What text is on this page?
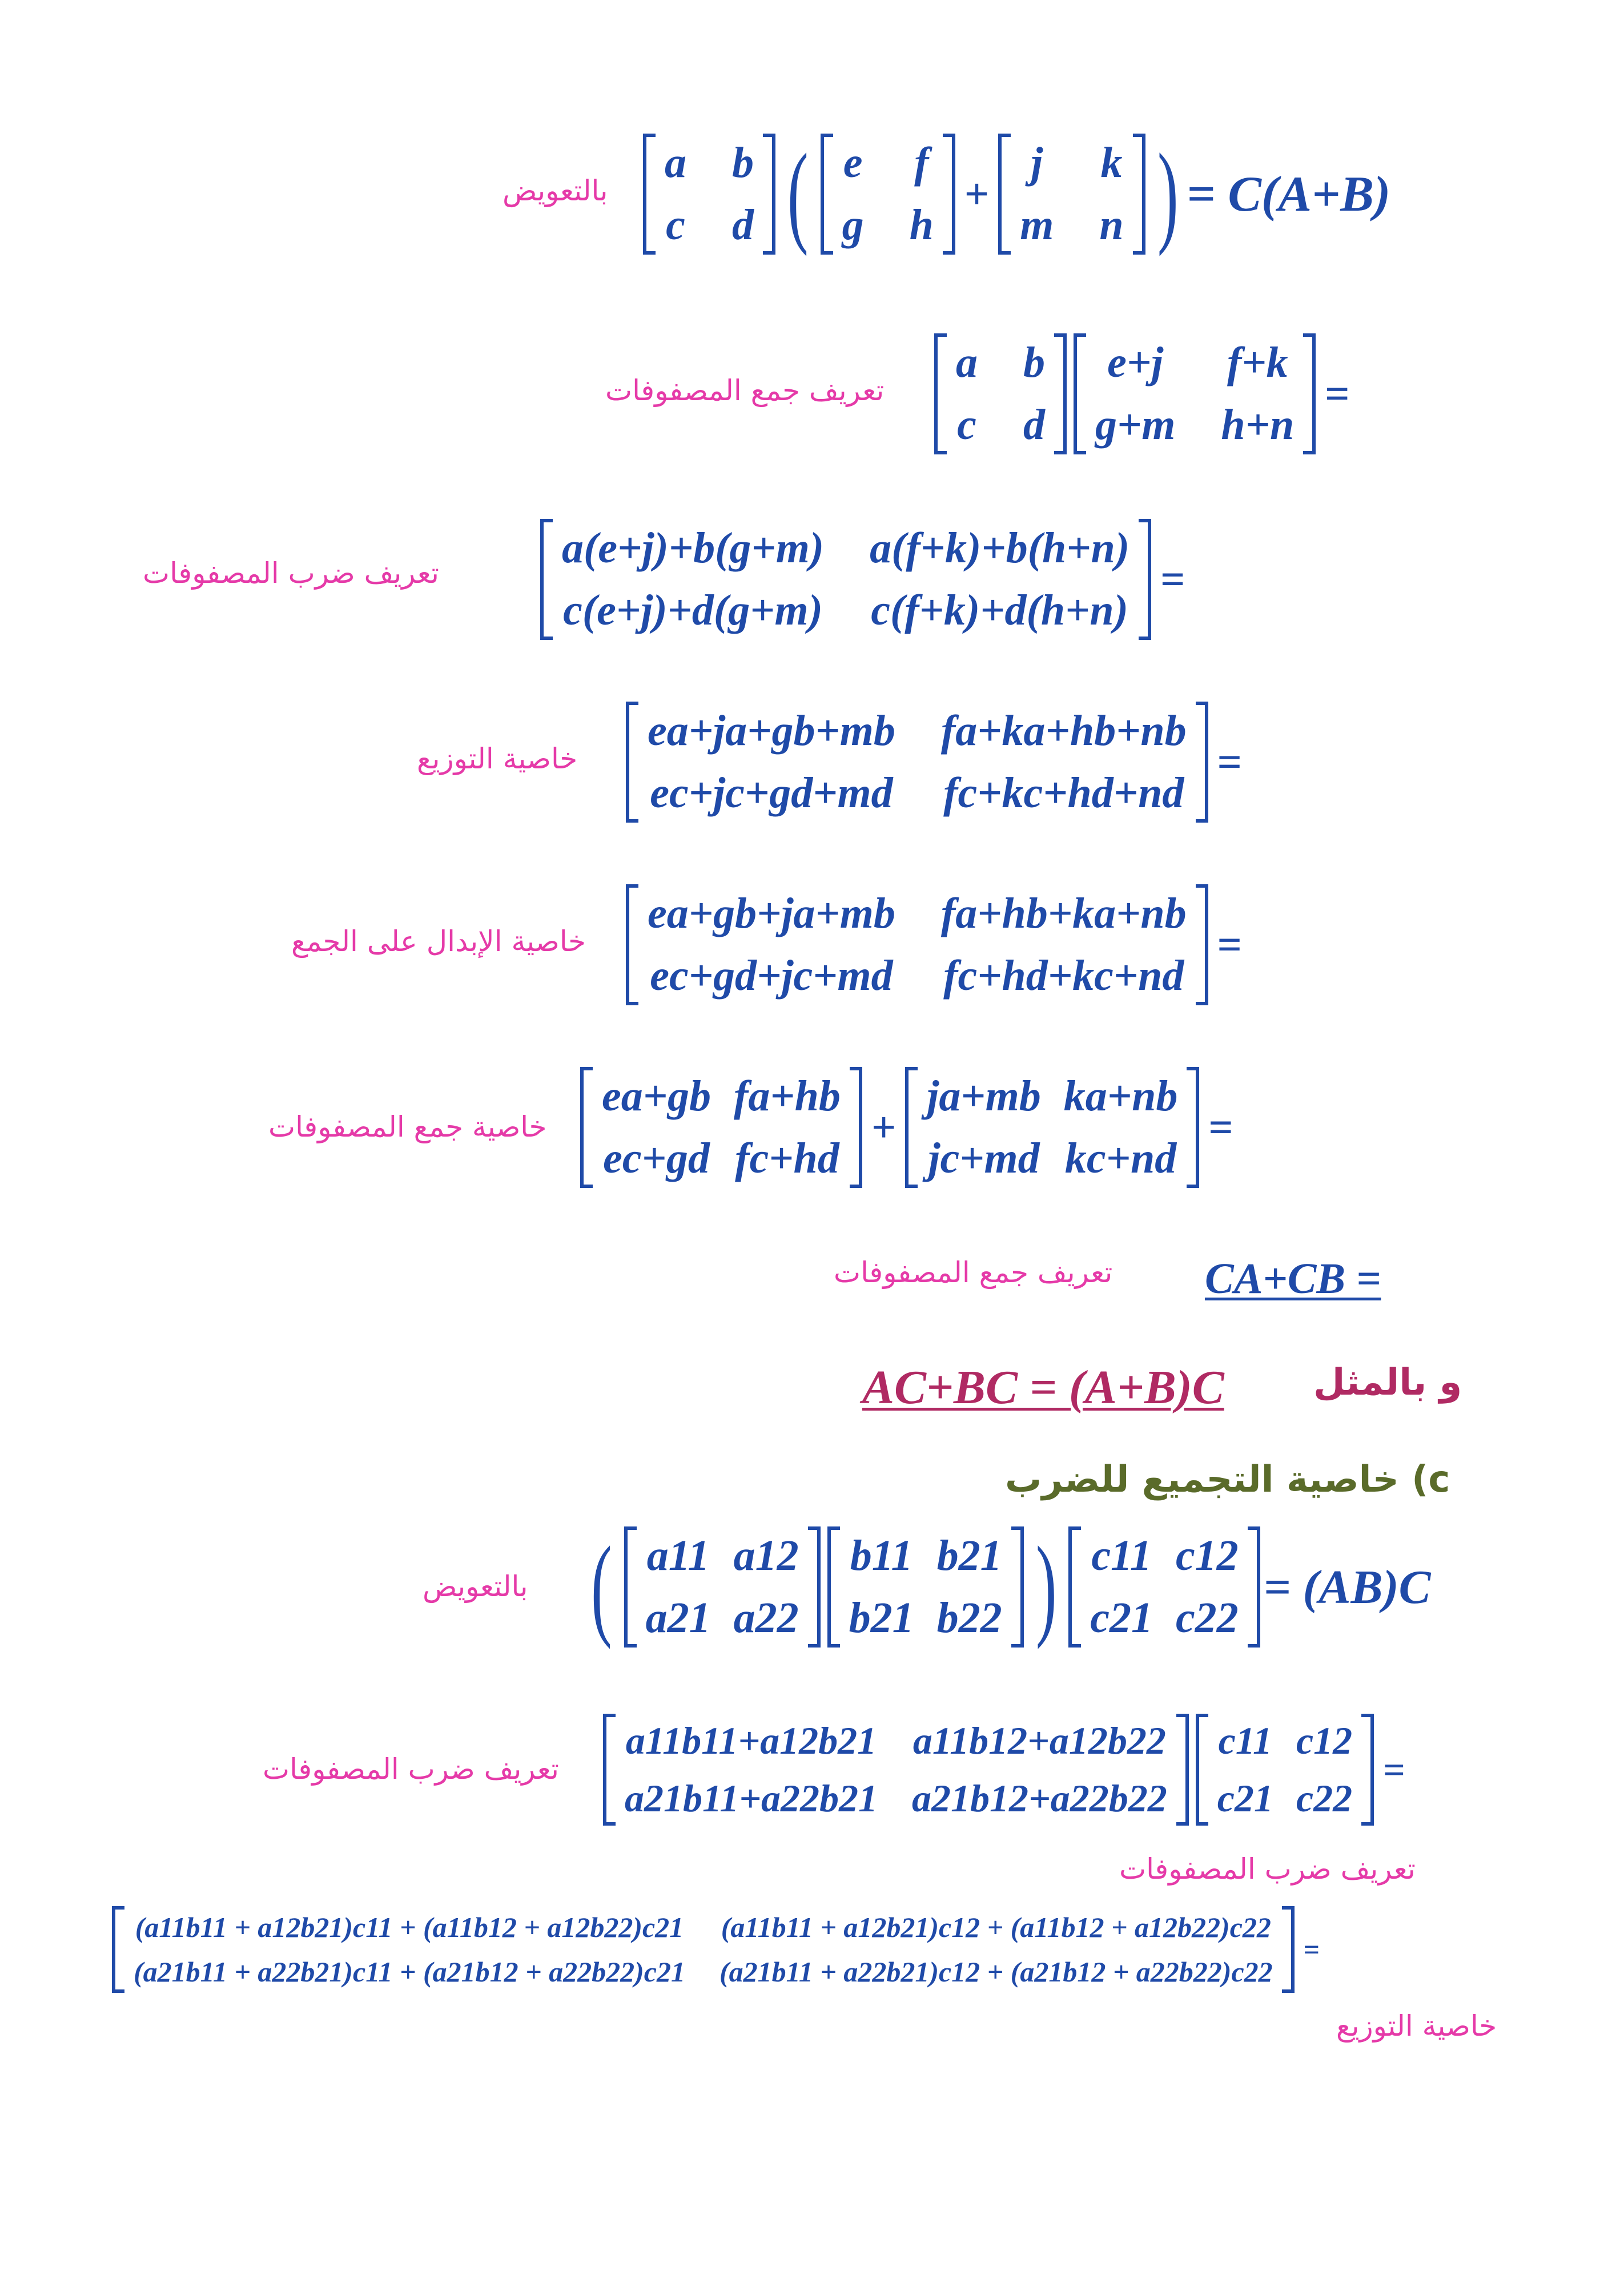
a b
c d ( e f
g h
+
j k
m n ) = C(A+B)
بالتعويض
a b
c d
e+j f+k
g+m h+n
=
تعريف جمع المصفوفات
a(e+j)+b(g+m) a(f+k)+b(h+n)
c(e+j)+d(g+m) c(f+k)+d(h+n)
=
تعريف ضرب المصفوفات
ea+ja+gb+mb fa+ka+hb+nb
ec+jc+gd+md fc+kc+hd+nd
=
خاصية التوزيع
ea+gb+ja+mb fa+hb+ka+nb
ec+gd+jc+md fc+hd+kc+nd
=
خاصية الإبدال على الجمع
ea+gb fa+hb
ec+gd fc+hd
+
ja+mb ka+nb
jc+md kc+nd
=
خاصية جمع المصفوفات
CA+CB =
تعريف جمع المصفوفات
AC+BC = (A+B)C و بالمثل
c) خاصية التجميع للضرب
( a11 a12
a21 a22
b11 b21
b21 b22 ) c11 c12
c21 c22
= (AB)C
بالتعويض
a11b11+a12b21 a11b12+a12b22
a21b11+a22b21 a21b12+a22b22
c11 c12
c21 c22
=
تعريف ضرب المصفوفات
تعريف ضرب المصفوفات
(a11b11 + a12b21)c11 + (a11b12 + a12b22)c21 (a11b11 + a12b21)c12 + (a11b12 + a12b22)c22
(a21b11 + a22b21)c11 + (a21b12 + a22b22)c21 (a21b11 + a22b21)c12 + (a21b12 + a22b22)c22
=
خاصية التوزيع
